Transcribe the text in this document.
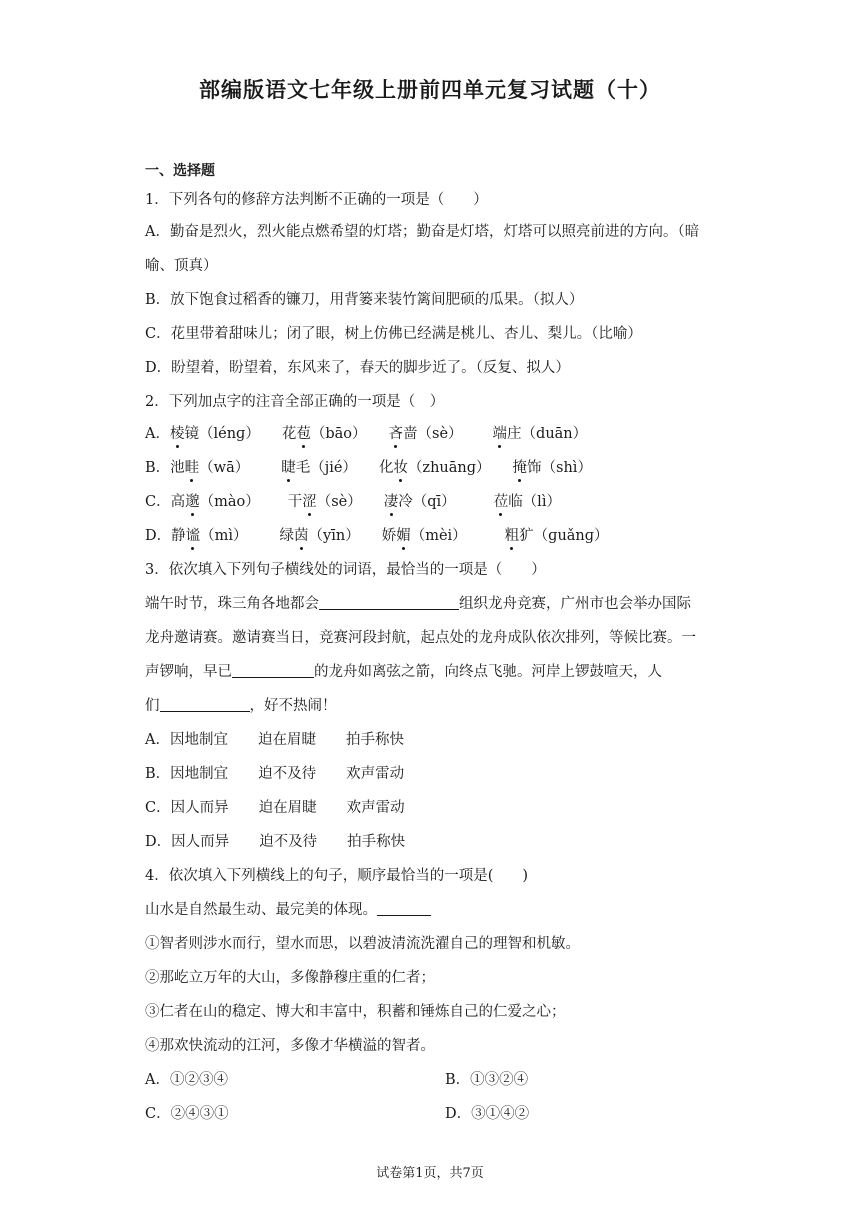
部编版语文七年级上册前四单元复习试题（十）
一、选择题
1．下列各句的修辞方法判断不正确的一项是（　　）
A．勤奋是烈火，烈火能点燃希望的灯塔；勤奋是灯塔，灯塔可以照亮前进的方向。（暗
喻、顶真）
B．放下饱食过稻香的镰刀，用背篓来装竹篱间肥硕的瓜果。（拟人）
C．花里带着甜味儿；闭了眼，树上仿佛已经满是桃儿、杏儿、梨儿。（比喻）
D．盼望着，盼望着，东风来了，春天的脚步近了。（反复、拟人）
2．下列加点字的注音全部正确的一项是（　）
A．棱镜（lénɡ） 花苞（bāo） 吝啬（sè） 端庄（duān）
B．池畦（wā） 睫毛（jié） 化妆（zhuānɡ） 掩饰（shì）
C．高邈（mào） 干涩（sè） 凄冷（qī）	莅临（lì）
D．静谧（mì） 绿茵（yīn） 娇媚（mèi）	粗犷（ɡuǎnɡ）
3．依次填入下列句子横线处的词语，最恰当的一项是（　　）
端午时节，珠三角各地都会	组织龙舟竞赛，广州市也会举办国际
龙舟邀请赛。邀请赛当日，竞赛河段封航，起点处的龙舟成队依次排列，等候比赛。一
声锣响，早已	的龙舟如离弦之箭，向终点飞驰。河岸上锣鼓喧天，人
们	，好不热闹！
A．因地制宜 迫在眉睫 拍手称快
B．因地制宜 迫不及待 欢声雷动
C．因人而异 迫在眉睫 欢声雷动
D．因人而异 迫不及待 拍手称快
4．依次填入下列横线上的句子，顺序最恰当的一项是(　　)
山水是自然最生动、最完美的体现。
①智者则涉水而行，望水而思，以碧波清流洗濯自己的理智和机敏。
②那屹立万年的大山，多像静穆庄重的仁者；
③仁者在山的稳定、博大和丰富中，积蓄和锤炼自己的仁爱之心；
④那欢快流动的江河，多像才华横溢的智者。
A．①②③④	B．①③②④
C．②④③①	D．③①④②
试卷第1页，共7页
